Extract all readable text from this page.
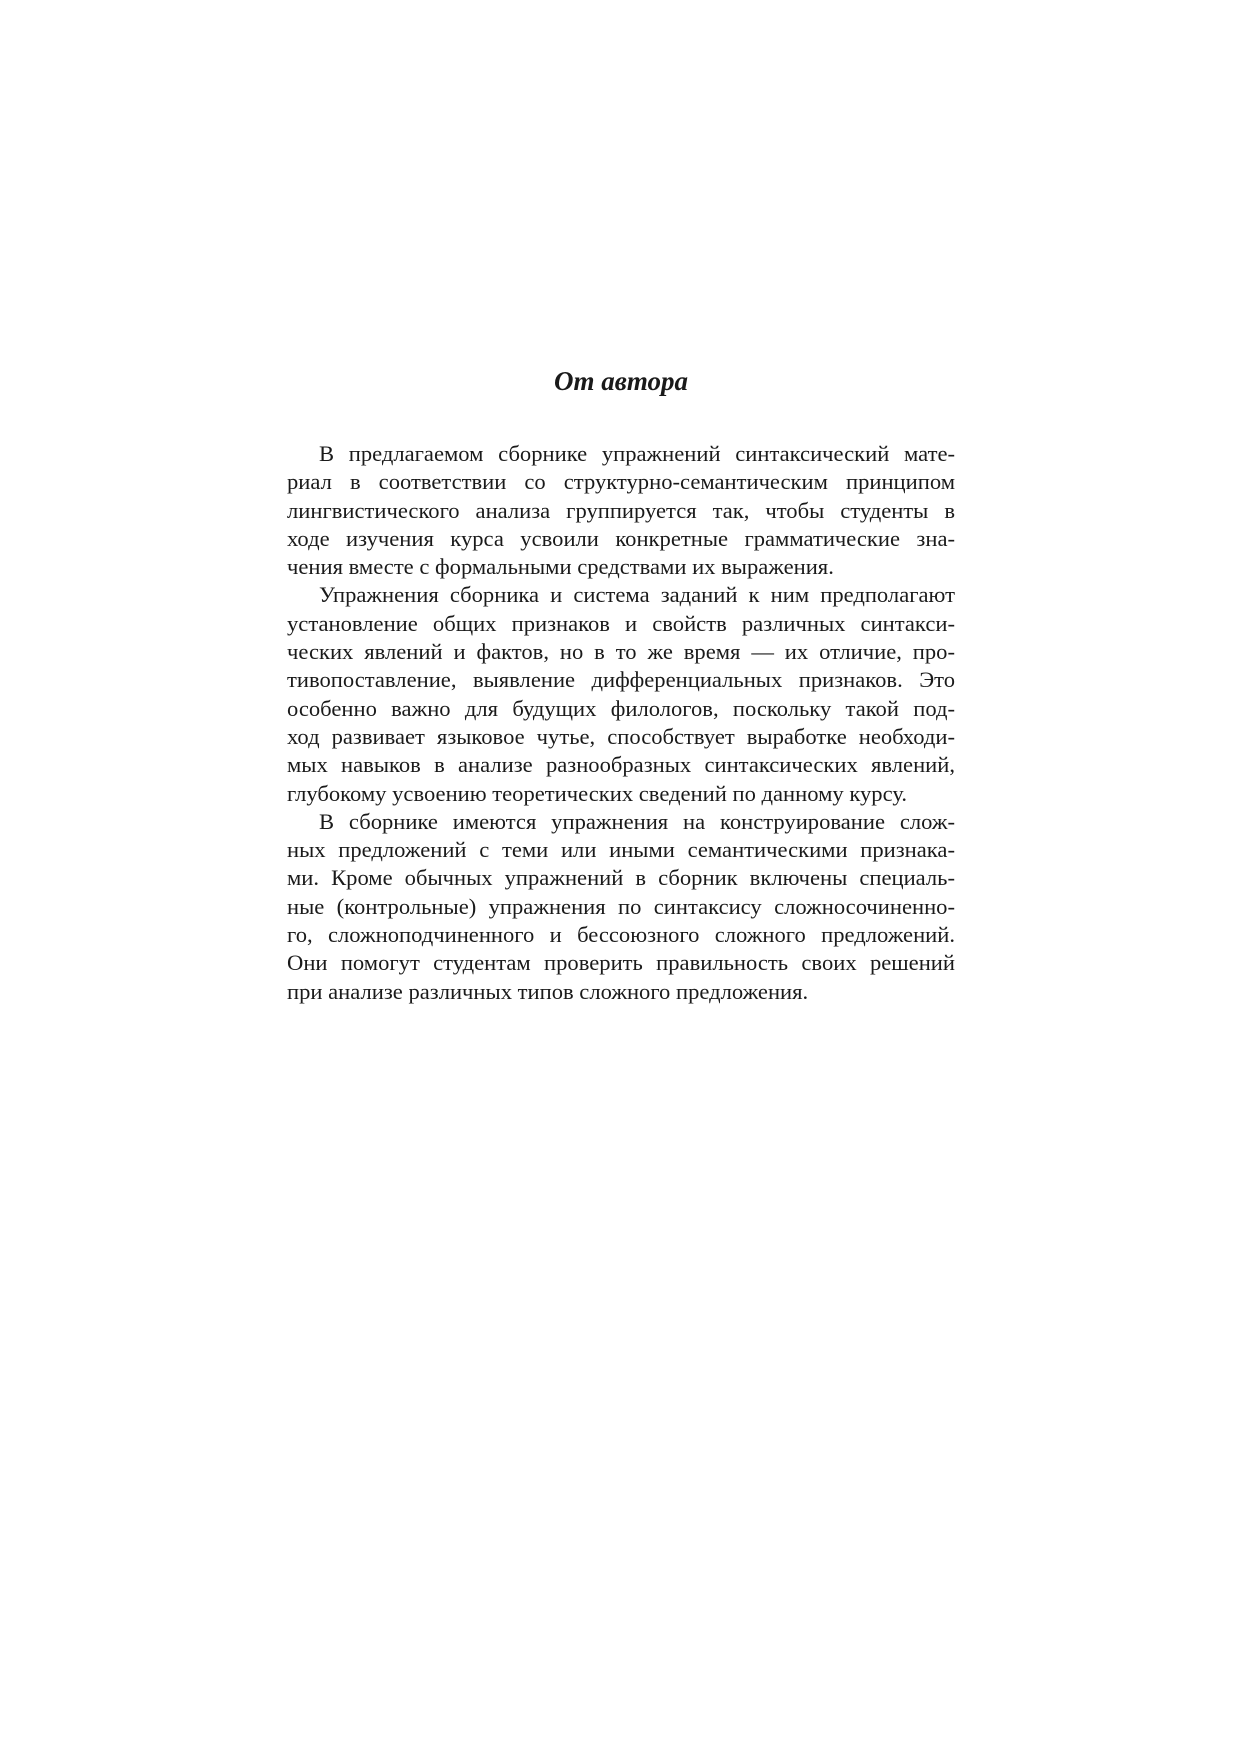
От автора
В предлагаемом сборнике упражнений синтаксический мате-
риал в соответствии со структурно-семантическим принципом
лингвистического анализа группируется так, чтобы студенты в
ходе изучения курса усвоили конкретные грамматические зна-
чения вместе с формальными средствами их выражения.
Упражнения сборника и система заданий к ним предполагают
установление общих признаков и свойств различных синтакси-
ческих явлений и фактов, но в то же время — их отличие, про-
тивопоставление, выявление дифференциальных признаков. Это
особенно важно для будущих филологов, поскольку такой под-
ход развивает языковое чутье, способствует выработке необходи-
мых навыков в анализе разнообразных синтаксических явлений,
глубокому усвоению теоретических сведений по данному курсу.
В сборнике имеются упражнения на конструирование слож-
ных предложений с теми или иными семантическими признака-
ми. Кроме обычных упражнений в сборник включены специаль-
ные (контрольные) упражнения по синтаксису сложносочиненно-
го, сложноподчиненного и бессоюзного сложного предложений.
Они помогут студентам проверить правильность своих решений
при анализе различных типов сложного предложения.
